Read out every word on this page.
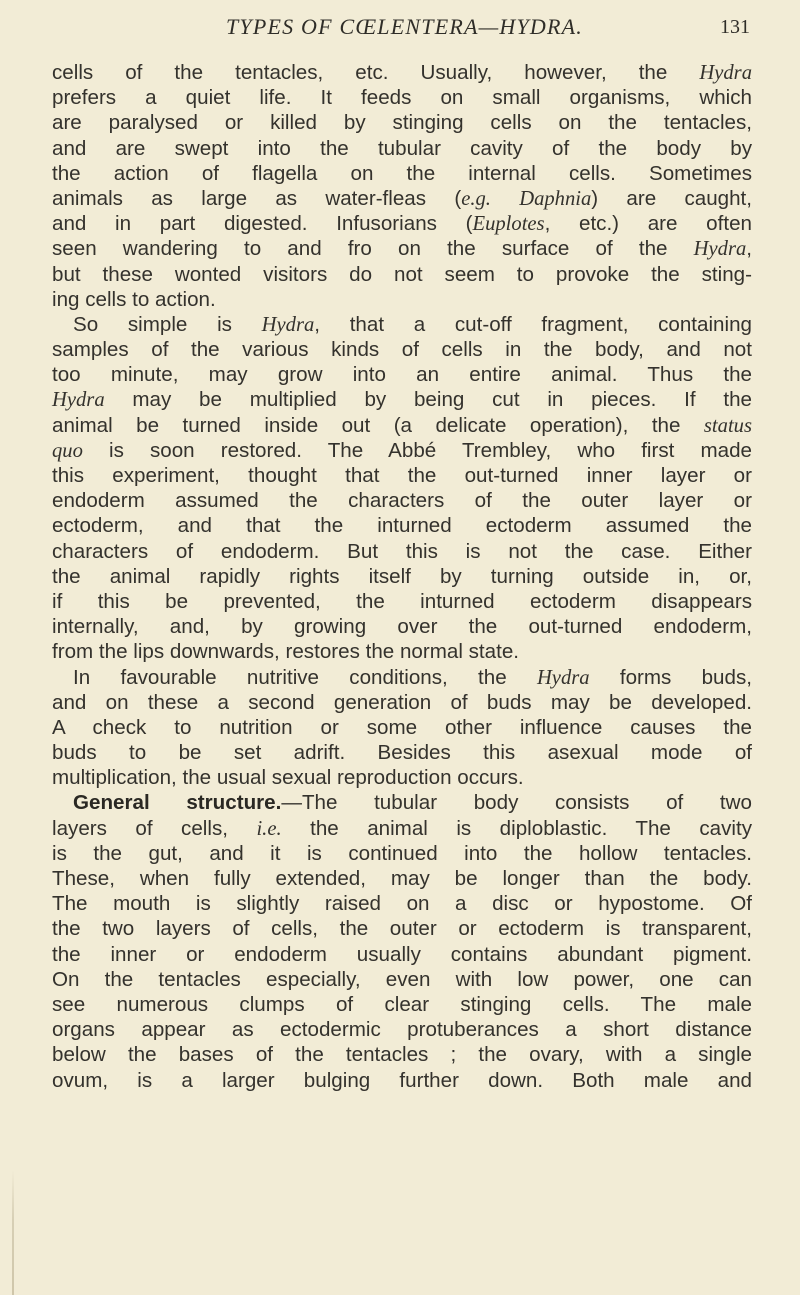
TYPES OF CŒLENTERA—HYDRA.	131
cells of the tentacles, etc. Usually, however, the Hydra
prefers a quiet life. It feeds on small organisms, which
are paralysed or killed by stinging cells on the tentacles,
and are swept into the tubular cavity of the body by
the action of flagella on the internal cells. Sometimes
animals as large as water-fleas (e.g. Daphnia) are caught,
and in part digested. Infusorians (Euplotes, etc.) are often
seen wandering to and fro on the surface of the Hydra,
but these wonted visitors do not seem to provoke the sting-
ing cells to action.
So simple is Hydra, that a cut-off fragment, containing
samples of the various kinds of cells in the body, and not
too minute, may grow into an entire animal. Thus the
Hydra may be multiplied by being cut in pieces. If the
animal be turned inside out (a delicate operation), the status
quo is soon restored. The Abbé Trembley, who first made
this experiment, thought that the out-turned inner layer or
endoderm assumed the characters of the outer layer or
ectoderm, and that the inturned ectoderm assumed the
characters of endoderm. But this is not the case. Either
the animal rapidly rights itself by turning outside in, or,
if this be prevented, the inturned ectoderm disappears
internally, and, by growing over the out-turned endoderm,
from the lips downwards, restores the normal state.
In favourable nutritive conditions, the Hydra forms buds,
and on these a second generation of buds may be developed.
A check to nutrition or some other influence causes the
buds to be set adrift. Besides this asexual mode of
multiplication, the usual sexual reproduction occurs.
General structure.—The tubular body consists of two
layers of cells, i.e. the animal is diploblastic. The cavity
is the gut, and it is continued into the hollow tentacles.
These, when fully extended, may be longer than the body.
The mouth is slightly raised on a disc or hypostome. Of
the two layers of cells, the outer or ectoderm is transparent,
the inner or endoderm usually contains abundant pigment.
On the tentacles especially, even with low power, one can
see numerous clumps of clear stinging cells. The male
organs appear as ectodermic protuberances a short distance
below the bases of the tentacles ; the ovary, with a single
ovum, is a larger bulging further down. Both male and
